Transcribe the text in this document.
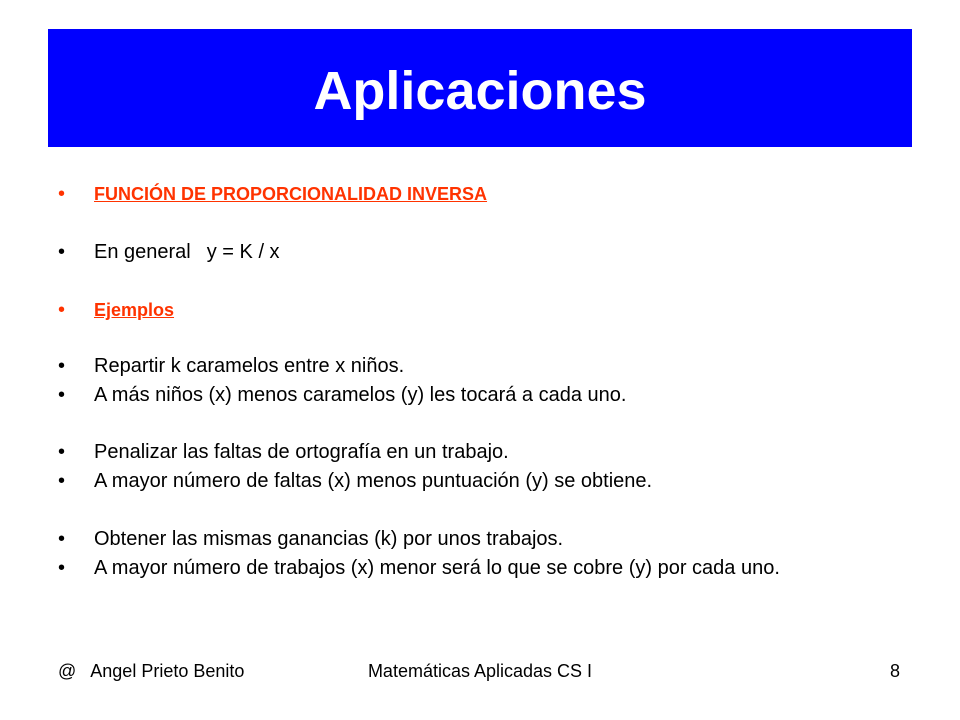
Aplicaciones
•	FUNCIÓN DE PROPORCIONALIDAD INVERSA
•	En general y = K / x
•	Ejemplos
•	Repartir k caramelos entre x niños.
•	A más niños (x) menos caramelos (y) les tocará a cada uno.
•	Penalizar las faltas de ortografía en un trabajo.
•	A mayor número de faltas (x) menos puntuación (y) se obtiene.
•	Obtener las mismas ganancias (k) por unos trabajos.
•	A mayor número de trabajos (x) menor será lo que se cobre (y) por cada uno.
@   Angel Prieto Benito	Matemáticas Aplicadas CS I	8
